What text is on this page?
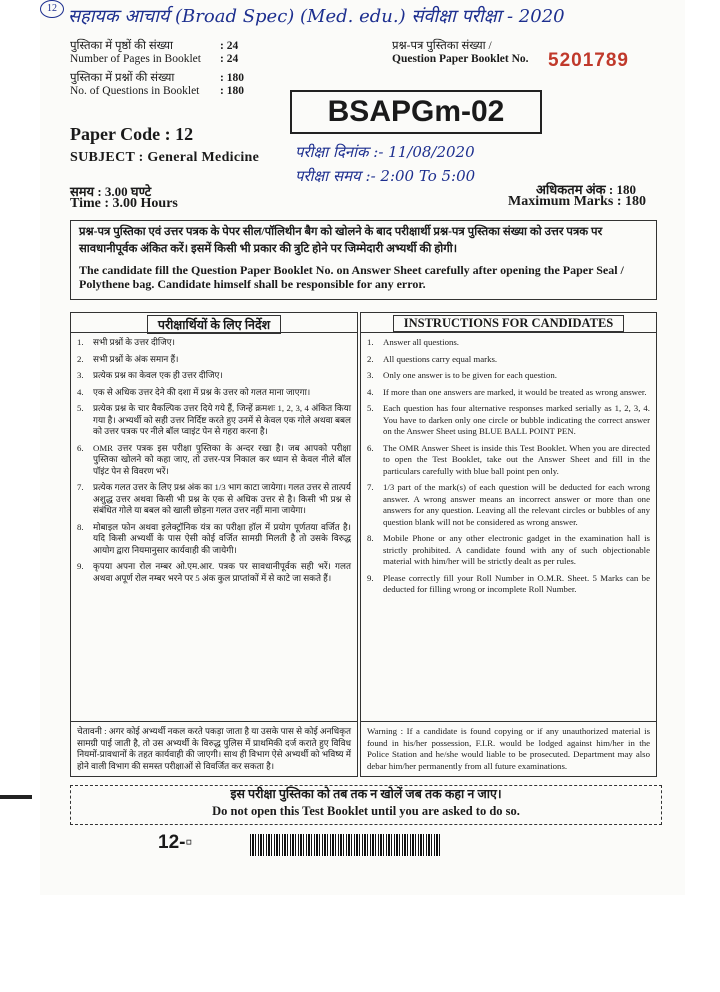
12 सहायक आचार्य (Broad Spec) (Med. edu.) संवीक्षा परीक्षा - 2020
पुस्तिका में पृष्ठों की संख्या	: 24
Number of Pages in Booklet	: 24
पुस्तिका में प्रश्नों की संख्या	: 180
No. of Questions in Booklet	: 180
प्रश्न-पत्र पुस्तिका संख्या /
Question Paper Booklet No. 5201789
BSAPGm-02
Paper Code : 12
SUBJECT : General Medicine परीक्षा दिनांक :- 11/08/2020
परीक्षा समय :- 2:00 To 5:00
समय : 3.00 घण्टे
Time : 3.00 Hours
अधिकतम अंक : 180
Maximum Marks : 180
प्रश्न-पत्र पुस्तिका एवं उत्तर पत्रक के पेपर सील/पॉलिथीन बैग को खोलने के बाद परीक्षार्थी प्रश्न-पत्र पुस्तिका संख्या को उत्तर पत्रक पर सावधानीपूर्वक अंकित करें। इसमें किसी भी प्रकार की त्रुटि होने पर जिम्मेदारी अभ्यर्थी की होगी।
The candidate fill the Question Paper Booklet No. on Answer Sheet carefully after opening the Paper Seal / Polythene bag. Candidate himself shall be responsible for any error.
परीक्षार्थियों के लिए निर्देश
1.	सभी प्रश्नों के उत्तर दीजिए।
2.	सभी प्रश्नों के अंक समान हैं।
3.	प्रत्येक प्रश्न का केवल एक ही उत्तर दीजिए।
4.	एक से अधिक उत्तर देने की दशा में प्रश्न के उत्तर को गलत माना जाएगा।
5.	प्रत्येक प्रश्न के चार वैकल्पिक उत्तर दिये गये हैं, जिन्हें क्रमशः 1, 2, 3, 4 अंकित किया गया है। अभ्यर्थी को सही उत्तर निर्दिष्ट करते हुए उनमें से केवल एक गोले अथवा बबल को उत्तर पत्रक पर नीले बॉल प्वाइंट पेन से गहरा करना है।
6.	OMR उत्तर पत्रक इस परीक्षा पुस्तिका के अन्दर रखा है। जब आपको परीक्षा पुस्तिका खोलने को कहा जाए, तो उत्तर-पत्र निकाल कर ध्यान से केवल नीले बॉल पॉइंट पेन से विवरण भरें।
7.	प्रत्येक गलत उत्तर के लिए प्रश्न अंक का 1/3 भाग काटा जायेगा। गलत उत्तर से तात्पर्य अशुद्ध उत्तर अथवा किसी भी प्रश्न के एक से अधिक उत्तर से है। किसी भी प्रश्न से संबंधित गोले या बबल को खाली छोड़ना गलत उत्तर नहीं माना जायेगा।
8.	मोबाइल फोन अथवा इलेक्ट्रॉनिक यंत्र का परीक्षा हॉल में प्रयोग पूर्णतया वर्जित है। यदि किसी अभ्यर्थी के पास ऐसी कोई वर्जित सामग्री मिलती है तो उसके विरुद्ध आयोग द्वारा नियमानुसार कार्यवाही की जायेगी।
9.	कृपया अपना रोल नम्बर ओ.एम.आर. पत्रक पर सावधानीपूर्वक सही भरें। गलत अथवा अपूर्ण रोल नम्बर भरने पर 5 अंक कुल प्राप्तांकों में से काटे जा सकते हैं।
चेतावनी : अगर कोई अभ्यर्थी नकल करते पकड़ा जाता है या उसके पास से कोई अनधिकृत सामग्री पाई जाती है, तो उस अभ्यर्थी के विरुद्ध पुलिस में प्राथमिकी दर्ज कराते हुए विविध नियमों-प्रावधानों के तहत कार्यवाही की जाएगी। साथ ही विभाग ऐसे अभ्यर्थी को भविष्य में होने वाली विभाग की समस्त परीक्षाओं से विवर्जित कर सकता है।
INSTRUCTIONS FOR CANDIDATES
1.	Answer all questions.
2.	All questions carry equal marks.
3.	Only one answer is to be given for each question.
4.	If more than one answers are marked, it would be treated as wrong answer.
5.	Each question has four alternative responses marked serially as 1, 2, 3, 4. You have to darken only one circle or bubble indicating the correct answer on the Answer Sheet using BLUE BALL POINT PEN.
6.	The OMR Answer Sheet is inside this Test Booklet. When you are directed to open the Test Booklet, take out the Answer Sheet and fill in the particulars carefully with blue ball point pen only.
7.	1/3 part of the mark(s) of each question will be deducted for each wrong answer. A wrong answer means an incorrect answer or more than one answers for any question. Leaving all the relevant circles or bubbles of any question blank will not be considered as wrong answer.
8.	Mobile Phone or any other electronic gadget in the examination hall is strictly prohibited. A candidate found with any of such objectionable material with him/her will be strictly dealt as per rules.
9.	Please correctly fill your Roll Number in O.M.R. Sheet. 5 Marks can be deducted for filling wrong or incomplete Roll Number.
Warning : If a candidate is found copying or if any unauthorized material is found in his/her possession, F.I.R. would be lodged against him/her in the Police Station and he/she would liable to be prosecuted. Department may also debar him/her permanently from all future examinations.
इस परीक्षा पुस्तिका को तब तक न खोलें जब तक कहा न जाए।
Do not open this Test Booklet until you are asked to do so.
12-▫
